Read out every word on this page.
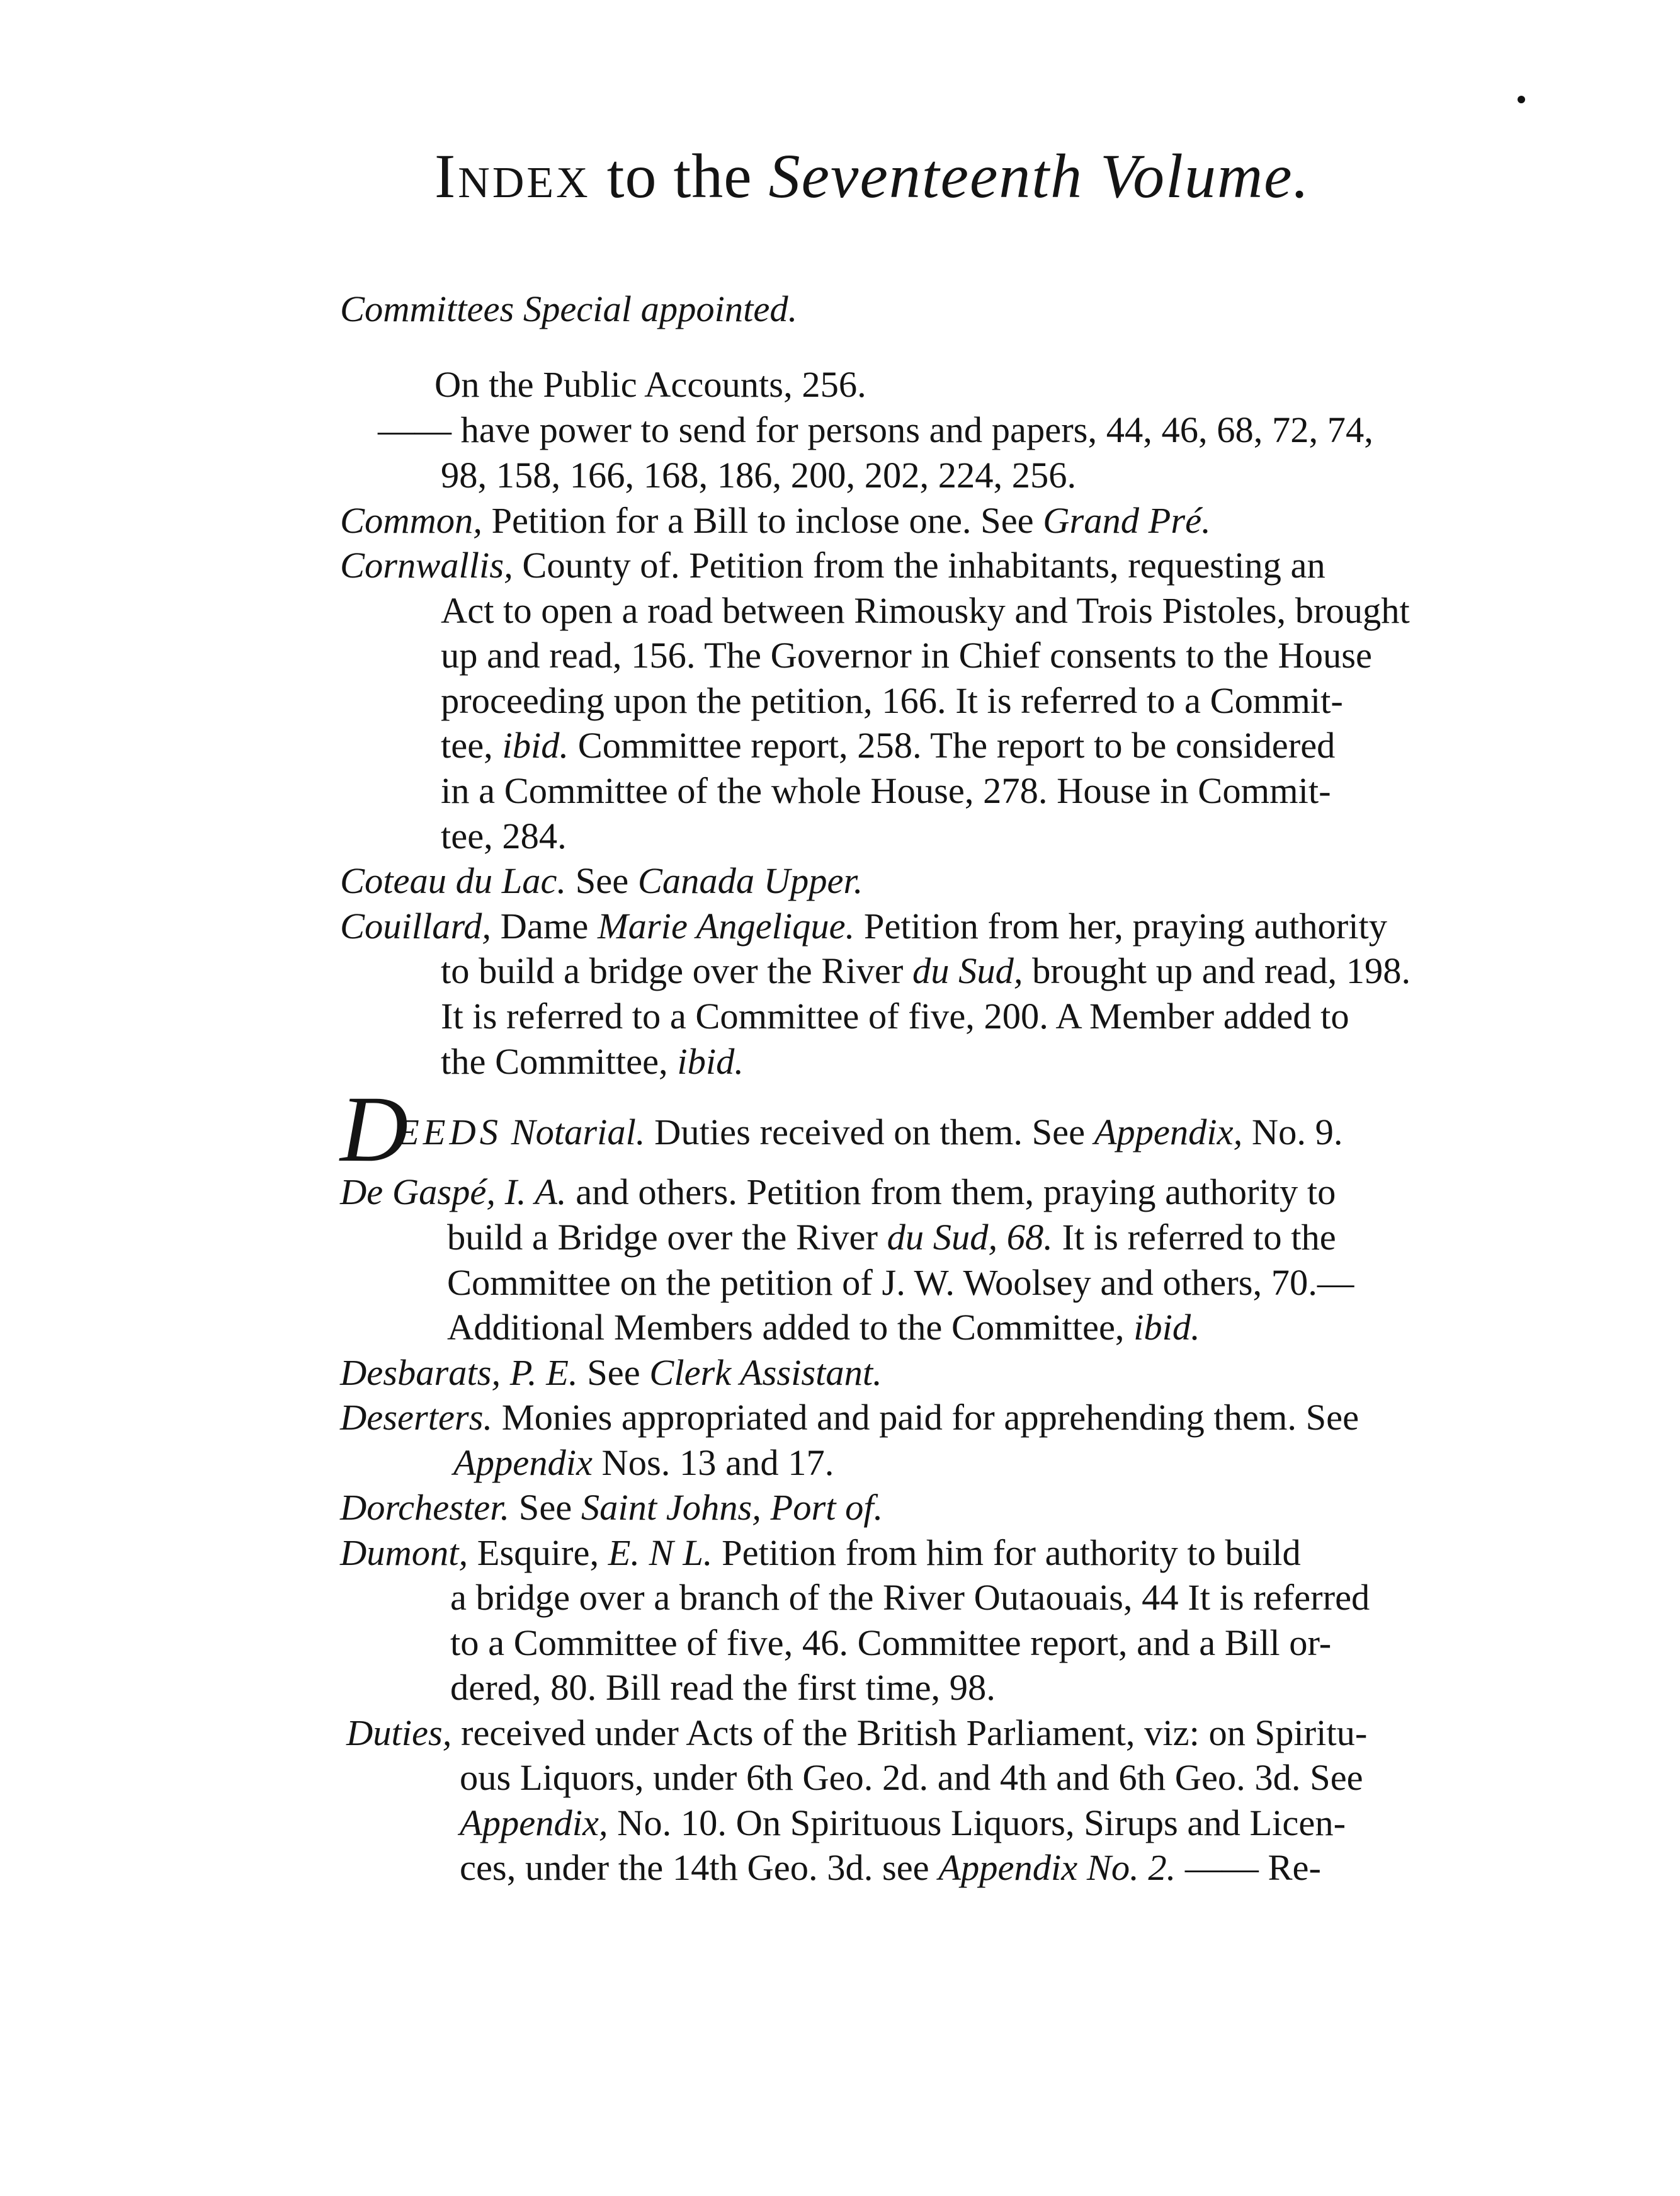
Index to the Seventeenth Volume.
D
Committees Special appointed.
On the Public Accounts, 256.
—— have power to send for persons and papers, 44, 46, 68, 72, 74,
98, 158, 166, 168, 186, 200, 202, 224, 256.
Common, Petition for a Bill to inclose one. See Grand Pré.
Cornwallis, County of. Petition from the inhabitants, requesting an
Act to open a road between Rimousky and Trois Pistoles, brought
up and read, 156. The Governor in Chief consents to the House
proceeding upon the petition, 166. It is referred to a Commit-
tee, ibid. Committee report, 258. The report to be considered
in a Committee of the whole House, 278. House in Commit-
tee, 284.
Coteau du Lac. See Canada Upper.
Couillard, Dame Marie Angelique. Petition from her, praying authority
to build a bridge over the River du Sud, brought up and read, 198.
It is referred to a Committee of five, 200. A Member added to
the Committee, ibid.
EEDS Notarial. Duties received on them. See Appendix, No. 9.
De Gaspé, I. A. and others. Petition from them, praying authority to
build a Bridge over the River du Sud, 68. It is referred to the
Committee on the petition of J. W. Woolsey and others, 70.—
Additional Members added to the Committee, ibid.
Desbarats, P. E. See Clerk Assistant.
Deserters. Monies appropriated and paid for apprehending them. See
Appendix Nos. 13 and 17.
Dorchester. See Saint Johns, Port of.
Dumont, Esquire, E. N L. Petition from him for authority to build
a bridge over a branch of the River Outaouais, 44 It is referred
to a Committee of five, 46. Committee report, and a Bill or-
dered, 80. Bill read the first time, 98.
Duties, received under Acts of the British Parliament, viz: on Spiritu-
ous Liquors, under 6th Geo. 2d. and 4th and 6th Geo. 3d. See
Appendix, No. 10. On Spirituous Liquors, Sirups and Licen-
ces, under the 14th Geo. 3d. see Appendix No. 2. —— Re-
